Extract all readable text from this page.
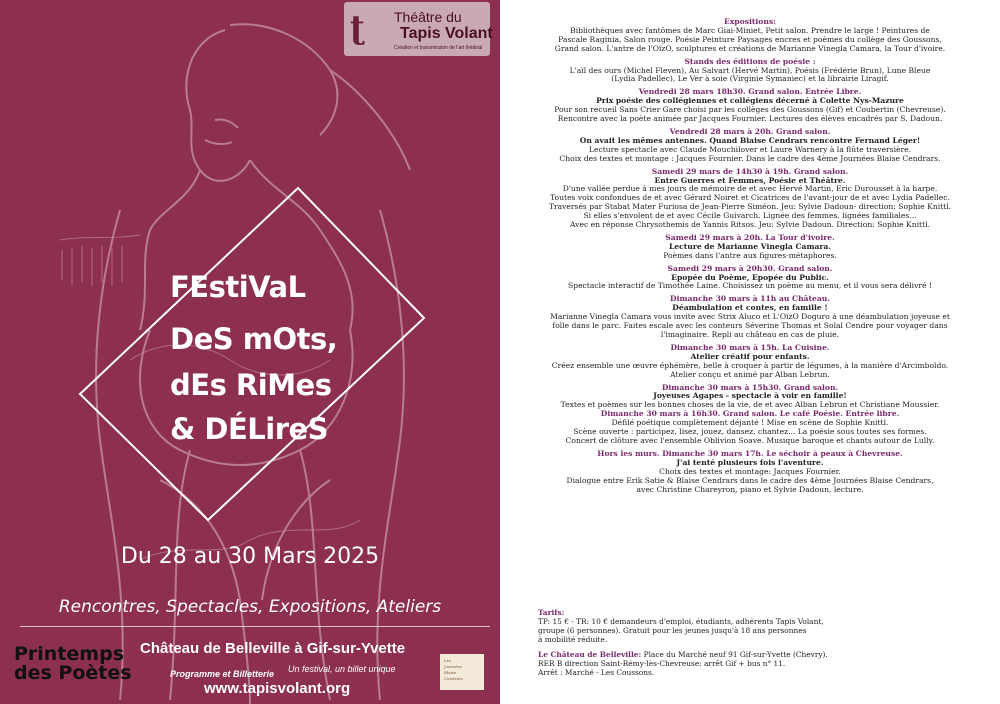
ʈ Théâtre du
Tapis Volant
Création et transmission de l'art théâtral
FEstiVaL
DeS mOts,
dEs RiMes
& DÉLireS
Du 28 au 30 Mars 2025
Rencontres, Spectacles, Expositions, Ateliers
Printemps
des Poètes
Château de Belleville à Gif-sur-Yvette
Programme et Billetterie Un festival, un billet unique
www.tapisvolant.org
Les
Journées
Blaise
Cendrars
Expositions:
Bibliothèques avec fantômes de Marc Giai-Miniet, Petit salon. Prendre le large ! Peintures de
Pascale Raginia, Salon rouge. Poésie Peinture Paysages encres et poèmes du collège des Goussons,
Grand salon. L'antre de l'OïzÔ, sculptures et créations de Marianne Vinegla Camara, la Tour d'ivoire.
Stands des éditions de poésie :
L'aïl des ours (Michel Fleven), Au Salvart (Hervé Martin), Poésis (Frédérie Brun), Lune Bleue
(Lydia Padellec), Le Ver à soie (Virginie Symaniec) et la librairie Liragif.
Vendredi 28 mars 18h30. Grand salon. Entrée Libre.
Prix poésie des collégiennes et collégiens décerné à Colette Nys-Mazure
Pour son recueil Sans Crier Gare choisi par les collèges des Goussons (Gif) et Coubertin (Chevreuse).
Rencontre avec la poète animée par Jacques Fournier. Lectures des élèves encadrés par S. Dadoun.
Vendredi 28 mars à 20h. Grand salon.
On avait les mêmes antennes. Quand Blaise Cendrars rencontre Fernand Léger!
Lecture spectacle avec Claude Mouchilover et Laure Warnery à la flûte traversière.
Choix des textes et montage : Jacques Fournier. Dans le cadre des 4ème Journées Blaise Cendrars.
Samedi 29 mars de 14h30 à 19h. Grand salon.
Entre Guerres et Femmes, Poésie et Théâtre.
D'une vallée perdue à mes jours de mémoire de et avec Hervé Martin, Eric Durousset à la harpe.
Toutes voix confondues de et avec Gérard Noiret et Cicatrices de l'avant-jour de et avec Lydia Padellec.
Traversés par Stabat Mater Furiosa de Jean-Pierre Siméon. Jeu: Sylvie Dadoun- direction: Sophie Knittl.
Si elles s'envolent de et avec Cécile Guivarch. Lignée des femmes, lignées familiales...
Avec en réponse Chrysothemis de Yannis Ritsos. Jeu: Sylvie Dadoun. Direction: Sophie Knittl.
Samedi 29 mars à 20h. La Tour d'ivoire.
Lecture de Marianne Vinegla Camara.
Poèmes dans l'antre aux figures-métaphores.
Samedi 29 mars à 20h30. Grand salon.
Épopée du Poème, Épopée du Public.
Spectacle interactif de Timothée Laine. Choisissez un poème au menu, et il vous sera délivré !
Dimanche 30 mars à 11h au Château.
Déambulation et contes, en famille !
Marianne Vinegla Camara vous invite avec Strix Aluco et L'OïzÔ Doguro à une déambulation joyeuse et
folle dans le parc. Faites escale avec les conteurs Séverine Thomas et Solal Cendre pour voyager dans
l'imaginaire. Repli au château en cas de pluie.
Dimanche 30 mars à 15h. La Cuisine.
Atelier créatif pour enfants.
Créez ensemble une œuvre éphémère, belle à croquer à partir de légumes, à la manière d'Arcimboldo.
Atelier conçu et animé par Alban Lebrun.
Dimanche 30 mars à 15h30. Grand salon.
Joyeuses Agapes - spectacle à voir en famille!
Textes et poèmes sur les bonnes choses de la vie, de et avec Alban Lebrun et Christiane Moussier.
Dimanche 30 mars à 16h30. Grand salon. Le café Poésie. Entrée libre.
Défilé poétique complètement déjanté ! Mise en scène de Sophie Knittl.
Scène ouverte : participez, lisez, jouez, dansez, chantez... La poésie sous toutes ses formes.
Concert de clôture avec l'ensemble Oblivion Soave. Musique baroque et chants autour de Lully.
Hors les murs. Dimanche 30 mars 17h. Le séchoir à peaux à Chevreuse.
J'ai tenté plusieurs fois l'aventure.
Choix des textes et montage: Jacques Fournier.
Dialogue entre Erik Satie & Blaise Cendrars dans le cadre des 4ème Journées Blaise Cendrars,
avec Christine Chareyron, piano et Sylvie Dadoun, lecture.
Tarifs:
TP: 15 € - TR: 10 € demandeurs d'emploi, étudiants, adhérents Tapis Volant,
groupe (6 personnes). Gratuit pour les jeunes jusqu'à 18 ans personnes
à mobilité réduite.
Le Château de Belleville: Place du Marché neuf 91 Gif-sur-Yvette (Chevry).
RER B direction Saint-Rémy-lès-Chevreuse: arrêt Gif + bus n° 11.
Arrêt : Marché - Les Coussons.
